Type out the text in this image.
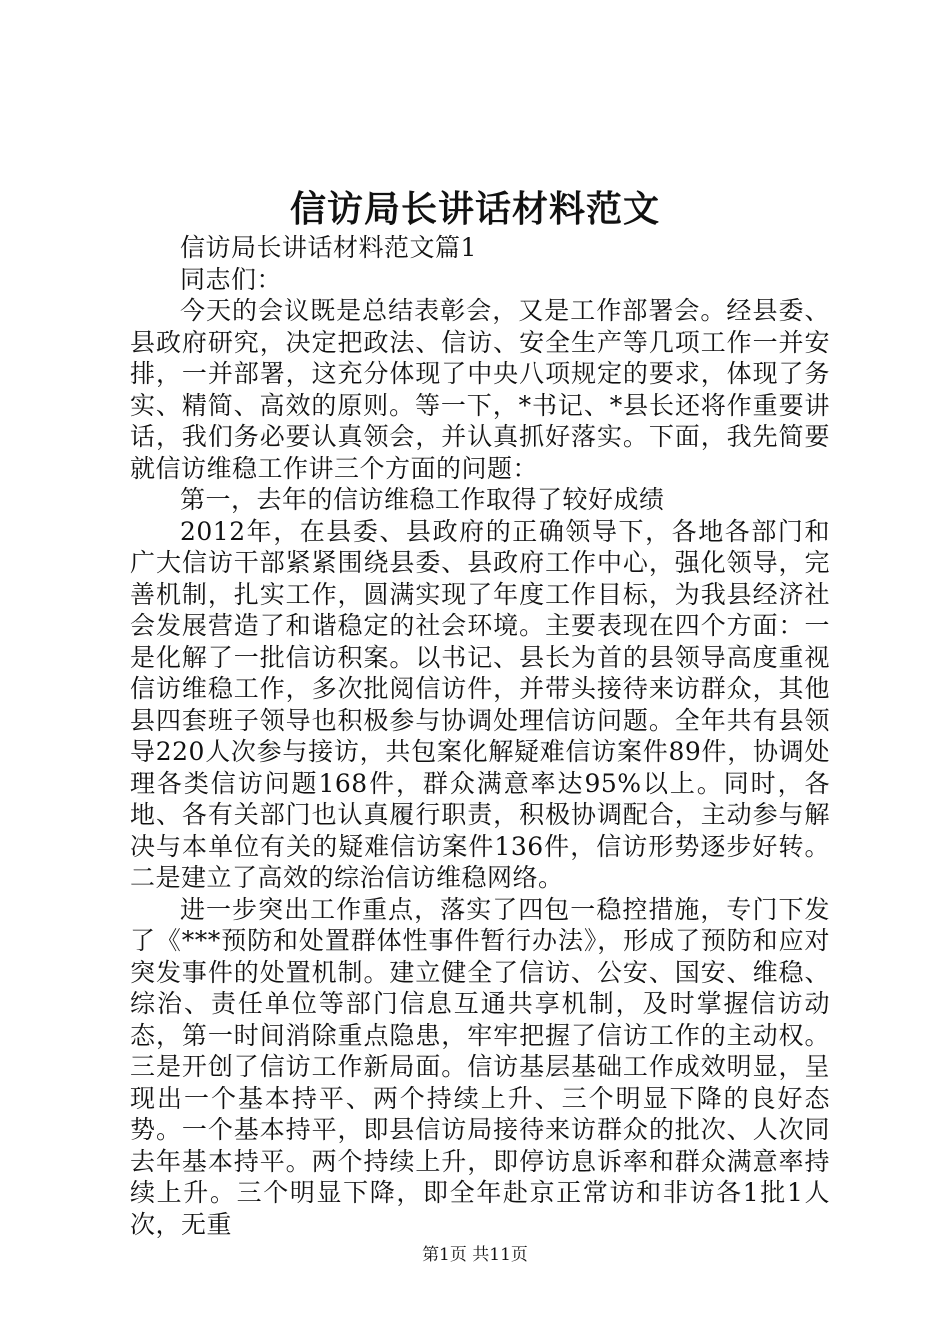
信访局长讲话材料范文

信访局长讲话材料范文篇1

同志们：

今天的会议既是总结表彰会，又是工作部署会。经县委、县政府研究，决定把政法、信访、安全生产等几项工作一并安排，一并部署，这充分体现了中央八项规定的要求，体现了务实、精简、高效的原则。等一下，*书记、*县长还将作重要讲话，我们务必要认真领会，并认真抓好落实。下面，我先简要就信访维稳工作讲三个方面的问题：

第一，去年的信访维稳工作取得了较好成绩

2012年，在县委、县政府的正确领导下，各地各部门和广大信访干部紧紧围绕县委、县政府工作中心，强化领导，完善机制，扎实工作，圆满实现了年度工作目标，为我县经济社会发展营造了和谐稳定的社会环境。主要表现在四个方面：一是化解了一批信访积案。以书记、县长为首的县领导高度重视信访维稳工作，多次批阅信访件，并带头接待来访群众，其他县四套班子领导也积极参与协调处理信访问题。全年共有县领导220人次参与接访，共包案化解疑难信访案件89件，协调处理各类信访问题168件，群众满意率达95%以上。同时，各地、各有关部门也认真履行职责，积极协调配合，主动参与解决与本单位有关的疑难信访案件136件，信访形势逐步好转。二是建立了高效的综治信访维稳网络。

进一步突出工作重点，落实了四包一稳控措施，专门下发了《***预防和处置群体性事件暂行办法》，形成了预防和应对突发事件的处置机制。建立健全了信访、公安、国安、维稳、综治、责任单位等部门信息互通共享机制，及时掌握信访动态，第一时间消除重点隐患，牢牢把握了信访工作的主动权。三是开创了信访工作新局面。信访基层基础工作成效明显，呈现出一个基本持平、两个持续上升、三个明显下降的良好态势。一个基本持平，即县信访局接待来访群众的批次、人次同去年基本持平。两个持续上升，即停访息诉率和群众满意率持续上升。三个明显下降，即全年赴京正常访和非访各1批1人次，无重

第1页 共11页
